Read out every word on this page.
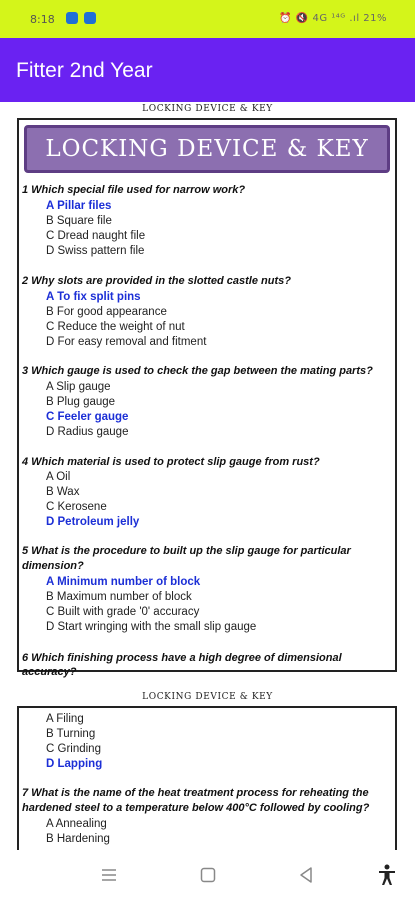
8:18	⏰ 🔇 4G ¹⁴ᴳ .ıl 21%
Fitter 2nd Year
LOCKING DEVICE & KEY
LOCKING DEVICE & KEY
1 Which special file used for narrow work?
A Pillar files
B Square file
C Dread naught file
D Swiss pattern file
2 Why slots are provided in the slotted castle nuts?
A To fix split pins
B For good appearance
C Reduce the weight of nut
D For easy removal and fitment
3 Which gauge is used to check the gap between the mating parts?
A Slip gauge
B Plug gauge
C Feeler gauge
D Radius gauge
4 Which material is used to protect slip gauge from rust?
A Oil
B Wax
C Kerosene
D Petroleum jelly
5 What is the procedure to built up the slip gauge for particular
dimension?
A Minimum number of block
B Maximum number of block
C Built with grade '0' accuracy
D Start wringing with the small slip gauge
6 Which finishing process have a high degree of dimensional accuracy?
LOCKING DEVICE & KEY
A Filing
B Turning
C Grinding
D Lapping
7 What is the name of the heat treatment process for reheating the
hardened steel to a temperature below 400°C followed by cooling?
A Annealing
B Hardening
